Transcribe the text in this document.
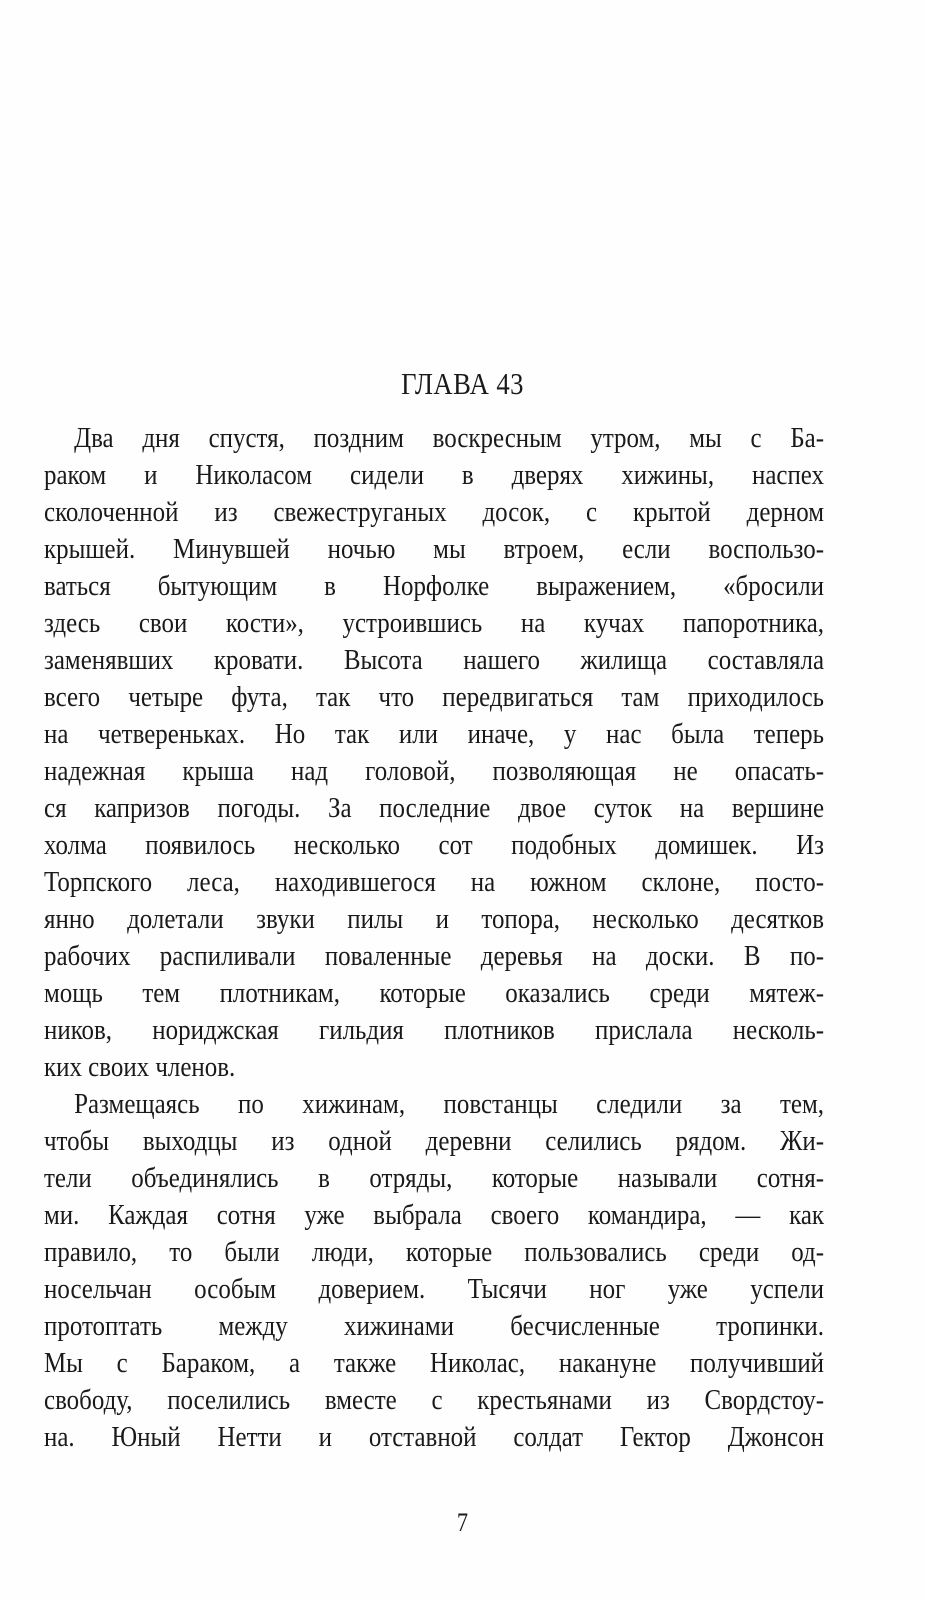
ГЛАВА 43
Два дня спустя, поздним воскресным утром, мы с Ба-
раком и Николасом сидели в дверях хижины, наспех
сколоченной из свежеструганых досок, с крытой дерном
крышей. Минувшей ночью мы втроем, если воспользо-
ваться бытующим в Норфолке выражением, «бросили
здесь свои кости», устроившись на кучах папоротника,
заменявших кровати. Высота нашего жилища составляла
всего четыре фута, так что передвигаться там приходилось
на четвереньках. Но так или иначе, у нас была теперь
надежная крыша над головой, позволяющая не опасать-
ся капризов погоды. За последние двое суток на вершине
холма появилось несколько сот подобных домишек. Из
Торпского леса, находившегося на южном склоне, посто-
янно долетали звуки пилы и топора, несколько десятков
рабочих распиливали поваленные деревья на доски. В по-
мощь тем плотникам, которые оказались среди мятеж-
ников, нориджская гильдия плотников прислала несколь-
ких своих членов.
Размещаясь по хижинам, повстанцы следили за тем,
чтобы выходцы из одной деревни селились рядом. Жи-
тели объединялись в отряды, которые называли сотня-
ми. Каждая сотня уже выбрала своего командира, — как
правило, то были люди, которые пользовались среди од-
носельчан особым доверием. Тысячи ног уже успели
протоптать между хижинами бесчисленные тропинки.
Мы с Бараком, а также Николас, накануне получивший
свободу, поселились вместе с крестьянами из Свордстоу-
на. Юный Нетти и отставной солдат Гектор Джонсон
7
